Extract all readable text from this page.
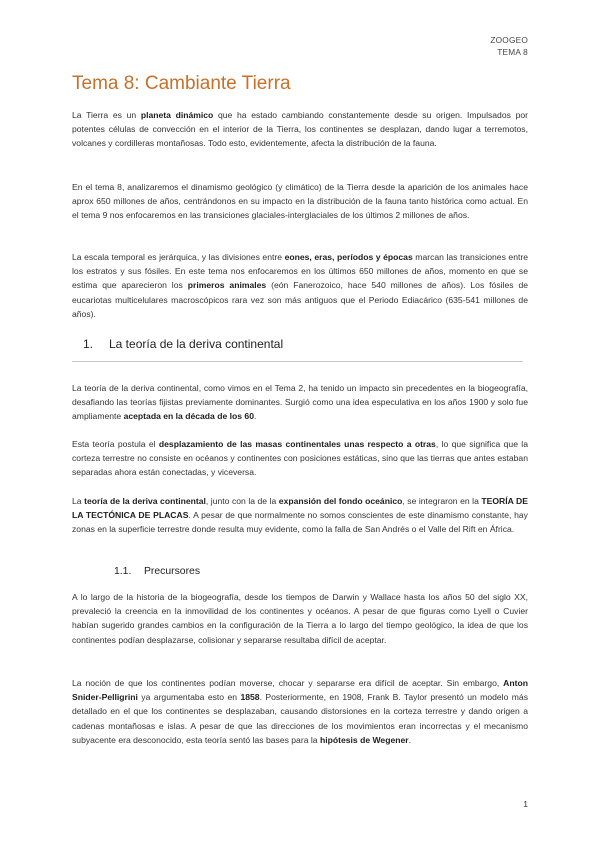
ZOOGEO
TEMA 8
Tema 8: Cambiante Tierra

La Tierra es un planeta dinámico que ha estado cambiando constantemente desde su origen. Impulsados por potentes células de convección en el interior de la Tierra, los continentes se desplazan, dando lugar a terremotos, volcanes y cordilleras montañosas. Todo esto, evidentemente, afecta la distribución de la fauna.

En el tema 8, analizaremos el dinamismo geológico (y climático) de la Tierra desde la aparición de los animales hace aprox 650 millones de años, centrándonos en su impacto en la distribución de la fauna tanto histórica como actual. En el tema 9 nos enfocaremos en las transiciones glaciales-interglaciales de los últimos 2 millones de años.

La escala temporal es jerárquica, y las divisiones entre eones, eras, períodos y épocas marcan las transiciones entre los estratos y sus fósiles. En este tema nos enfocaremos en los últimos 650 millones de años, momento en que se estima que aparecieron los primeros animales (eón Fanerozoico, hace 540 millones de años). Los fósiles de eucariotas multicelulares macroscópicos rara vez son más antiguos que el Periodo Ediacárico (635-541 millones de años).

1. La teoría de la deriva continental

La teoría de la deriva continental, como vimos en el Tema 2, ha tenido un impacto sin precedentes en la biogeografía, desafiando las teorías fijistas previamente dominantes. Surgió como una idea especulativa en los años 1900 y solo fue ampliamente aceptada en la década de los 60.

Esta teoría postula el desplazamiento de las masas continentales unas respecto a otras, lo que significa que la corteza terrestre no consiste en océanos y continentes con posiciones estáticas, sino que las tierras que antes estaban separadas ahora están conectadas, y viceversa.

La teoría de la deriva continental, junto con la de la expansión del fondo oceánico, se integraron en la TEORÍA DE LA TECTÓNICA DE PLACAS. A pesar de que normalmente no somos conscientes de este dinamismo constante, hay zonas en la superficie terrestre donde resulta muy evidente, como la falla de San Andrés o el Valle del Rift en África.

1.1. Precursores

A lo largo de la historia de la biogeografía, desde los tiempos de Darwin y Wallace hasta los años 50 del siglo XX, prevaleció la creencia en la inmovilidad de los continentes y océanos. A pesar de que figuras como Lyell o Cuvier habían sugerido grandes cambios en la configuración de la Tierra a lo largo del tiempo geológico, la idea de que los continentes podían desplazarse, colisionar y separarse resultaba difícil de aceptar.

La noción de que los continentes podían moverse, chocar y separarse era difícil de aceptar. Sin embargo, Anton Snider-Pelligrini ya argumentaba esto en 1858. Posteriormente, en 1908, Frank B. Taylor presentó un modelo más detallado en el que los continentes se desplazaban, causando distorsiones en la corteza terrestre y dando origen a cadenas montañosas e islas. A pesar de que las direcciones de los movimientos eran incorrectas y el mecanismo subyacente era desconocido, esta teoría sentó las bases para la hipótesis de Wegener.

1
